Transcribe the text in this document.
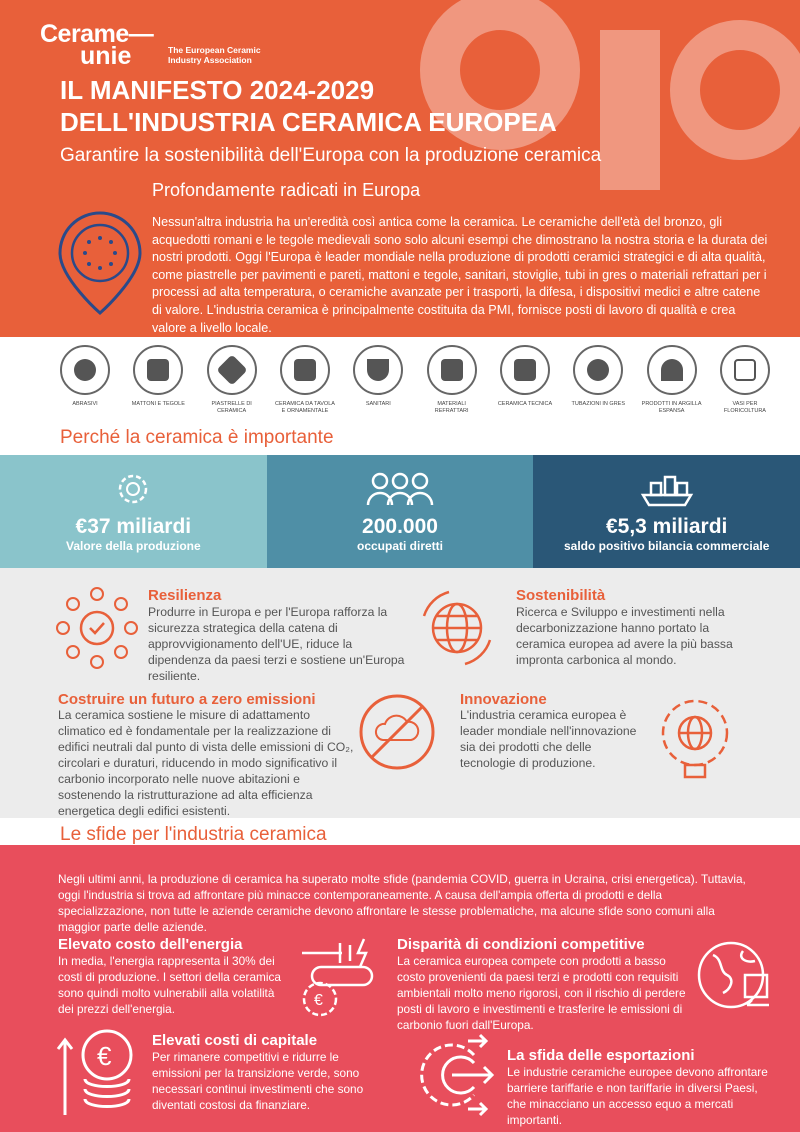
Cerame—
unie	The European Ceramic Industry Association
IL MANIFESTO 2024-2029
DELL'INDUSTRIA CERAMICA EUROPEA
Garantire la sostenibilità dell'Europa con la produzione ceramica
Profondamente radicati in Europa
Nessun'altra industria ha un'eredità così antica come la ceramica. Le ceramiche dell'età del bronzo, gli acquedotti romani e le tegole medievali sono solo alcuni esempi che dimostrano la nostra storia e la durata dei nostri prodotti. Oggi l'Europa è leader mondiale nella produzione di prodotti ceramici strategici e di alta qualità, come piastrelle per pavimenti e pareti, mattoni e tegole, sanitari, stoviglie, tubi in gres o materiali refrattari per i processi ad alta temperatura, o ceramiche avanzate per i trasporti, la difesa, i dispositivi medici e altre catene di valore. L'industria ceramica è principalmente costituita da PMI, fornisce posti di lavoro di qualità e crea valore a livello locale.
ABRASIVI	MATTONI E TEGOLE	PIASTRELLE DI CERAMICA
CERAMICA DA TAVOLA E ORNAMENTALE
SANITARI	MATERIALI REFRATTARI
CERAMICA TECNICA	TUBAZIONI IN GRES	PRODOTTI IN ARGILLA ESPANSA
VASI PER FLORICOLTURA
Perché la ceramica è importante
€37 miliardi
Valore della produzione
200.000
occupati diretti
€5,3 miliardi
saldo positivo bilancia commerciale
Resilienza
Produrre in Europa e per l'Europa rafforza la sicurezza strategica della catena di approvvigionamento dell'UE, riduce la dipendenza da paesi terzi e sostiene un'Europa resiliente.
Sostenibilità
Ricerca e Sviluppo e investimenti nella decarbonizzazione hanno portato la ceramica europea ad avere la più bassa impronta carbonica al mondo.
Costruire un futuro a zero emissioni
La ceramica sostiene le misure di adattamento climatico ed è fondamentale per la realizzazione di edifici neutrali dal punto di vista delle emissioni di CO₂, circolari e duraturi, riducendo in modo significativo il carbonio incorporato nelle nuove abitazioni e sostenendo la ristrutturazione ad alta efficienza energetica degli edifici esistenti.
Innovazione
L'industria ceramica europea è leader mondiale nell'innovazione sia dei prodotti che delle tecnologie di produzione.
Le sfide per l'industria ceramica
Negli ultimi anni, la produzione di ceramica ha superato molte sfide (pandemia COVID, guerra in Ucraina, crisi energetica). Tuttavia, oggi l'industria si trova ad affrontare più minacce contemporaneamente. A causa dell'ampia offerta di prodotti e della specializzazione, non tutte le aziende ceramiche devono affrontare le stesse problematiche, ma alcune sfide sono comuni alla maggior parte delle aziende.
Elevato costo dell'energia
In media, l'energia rappresenta il 30% dei costi di produzione. I settori della ceramica sono quindi molto vulnerabili alla volatilità dei prezzi dell'energia.	€
Disparità di condizioni competitive
La ceramica europea compete con prodotti a basso costo provenienti da paesi terzi e prodotti con requisiti ambientali molto meno rigorosi, con il rischio di perdere posti di lavoro e investimenti e trasferire le emissioni di carbonio fuori dall'Europa.
€
Elevati costi di capitale
Per rimanere competitivi e ridurre le emissioni per la transizione verde, sono necessari continui investimenti che sono diventati costosi da finanziare.
La sfida delle esportazioni
Le industrie ceramiche europee devono affrontare barriere tariffarie e non tariffarie in diversi Paesi, che minacciano un accesso equo a mercati importanti.
